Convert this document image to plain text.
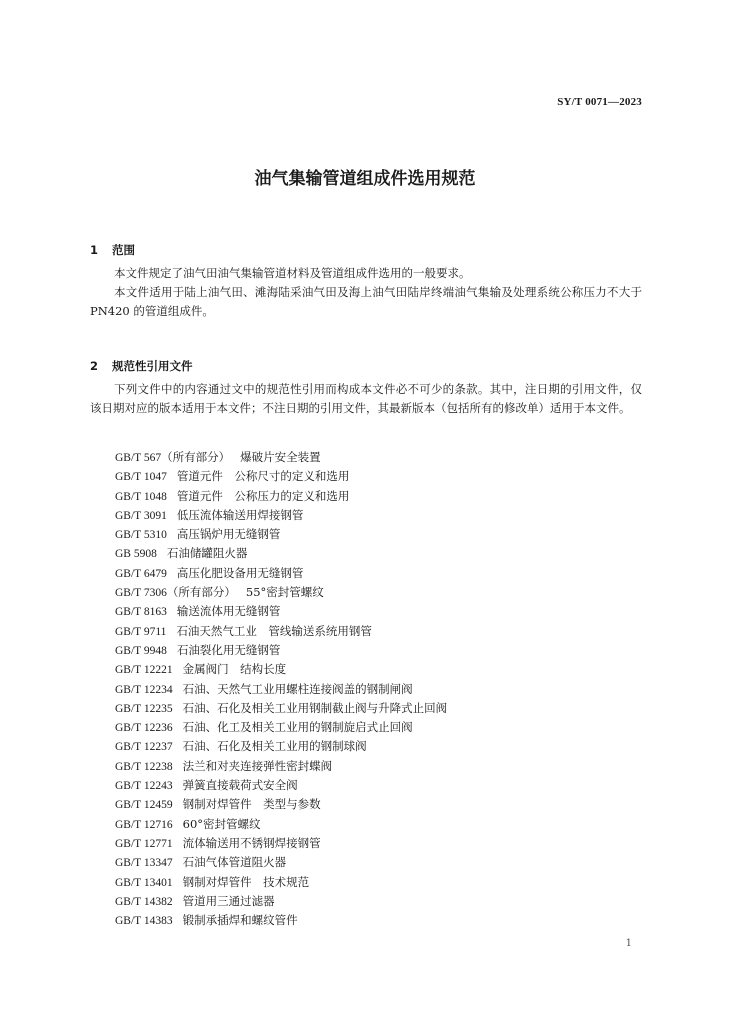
SY/T 0071—2023
油气集输管道组成件选用规范
1 范围

本文件规定了油气田油气集输管道材料及管道组成件选用的一般要求。

本文件适用于陆上油气田、滩海陆采油气田及海上油气田陆岸终端油气集输及处理系统公称压力不大于 PN420 的管道组成件。

2 规范性引用文件

下列文件中的内容通过文中的规范性引用而构成本文件必不可少的条款。其中，注日期的引用文件，仅该日期对应的版本适用于本文件；不注日期的引用文件，其最新版本（包括所有的修改单）适用于本文件。

GB/T 567（所有部分） 爆破片安全装置
GB/T 1047 管道元件　公称尺寸的定义和选用
GB/T 1048 管道元件　公称压力的定义和选用
GB/T 3091 低压流体输送用焊接钢管
GB/T 5310 高压锅炉用无缝钢管
GB 5908 石油储罐阻火器
GB/T 6479 高压化肥设备用无缝钢管
GB/T 7306（所有部分） 55°密封管螺纹
GB/T 8163 输送流体用无缝钢管
GB/T 9711 石油天然气工业　管线输送系统用钢管
GB/T 9948 石油裂化用无缝钢管
GB/T 12221 金属阀门　结构长度
GB/T 12234 石油、天然气工业用螺柱连接阀盖的钢制闸阀
GB/T 12235 石油、石化及相关工业用钢制截止阀与升降式止回阀
GB/T 12236 石油、化工及相关工业用的钢制旋启式止回阀
GB/T 12237 石油、石化及相关工业用的钢制球阀
GB/T 12238 法兰和对夹连接弹性密封蝶阀
GB/T 12243 弹簧直接载荷式安全阀
GB/T 12459 钢制对焊管件　类型与参数
GB/T 12716 60°密封管螺纹
GB/T 12771 流体输送用不锈钢焊接钢管
GB/T 13347 石油气体管道阻火器
GB/T 13401 钢制对焊管件　技术规范
GB/T 14382 管道用三通过滤器
GB/T 14383 锻制承插焊和螺纹管件
1
